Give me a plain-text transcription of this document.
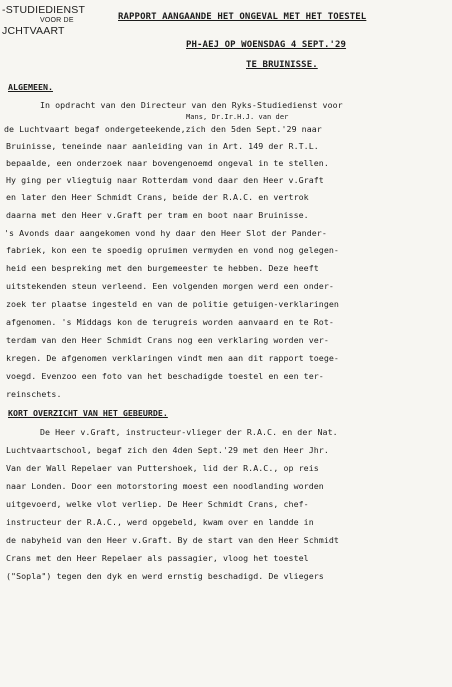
-STUDIEDIENST
VOOR DE
JCHTVAART
RAPPORT AANGAANDE HET ONGEVAL MET HET TOESTEL
PH-AEJ OP WOENSDAG 4 SEPT.'29
TE BRUINISSE.
ALGEMEEN.
In opdracht van den Directeur van den Ryks-Studiedienst voor
Mans, Dr.Ir.H.J. van der
de Luchtvaart begaf ondergeteekende,zich den 5den Sept.'29 naar
Bruinisse, teneinde naar aanleiding van in Art. 149 der R.T.L.
bepaalde, een onderzoek naar bovengenoemd ongeval in te stellen.
Hy ging per vliegtuig naar Rotterdam vond daar den Heer v.Graft
en later den Heer Schmidt Crans, beide der R.A.C. en vertrok
daarna met den Heer v.Graft per tram en boot naar Bruinisse.
's Avonds daar aangekomen vond hy daar den Heer Slot der Pander-
fabriek, kon een te spoedig opruimen vermyden en vond nog gelegen-
heid een bespreking met den burgemeester te hebben. Deze heeft
uitstekenden steun verleend. Een volgenden morgen werd een onder-
zoek ter plaatse ingesteld en van de politie getuigen-verklaringen
afgenomen. 's Middags kon de terugreis worden aanvaard en te Rot-
terdam van den Heer Schmidt Crans nog een verklaring worden ver-
kregen. De afgenomen verklaringen vindt men aan dit rapport toege-
voegd. Evenzoo een foto van het beschadigde toestel en een ter-
reinschets.
KORT OVERZICHT VAN HET GEBEURDE.
De Heer v.Graft, instructeur-vlieger der R.A.C. en der Nat.
Luchtvaartschool, begaf zich den 4den Sept.'29 met den Heer Jhr.
Van der Wall Repelaer van Puttershoek, lid der R.A.C., op reis
naar Londen. Door een motorstoring moest een noodlanding worden
uitgevoerd, welke vlot verliep. De Heer Schmidt Crans, chef-
instructeur der R.A.C., werd opgebeld, kwam over en landde in
de nabyheid van den Heer v.Graft. By de start van den Heer Schmidt
Crans met den Heer Repelaer als passagier, vloog het toestel
("Sopla") tegen den dyk en werd ernstig beschadigd. De vliegers
